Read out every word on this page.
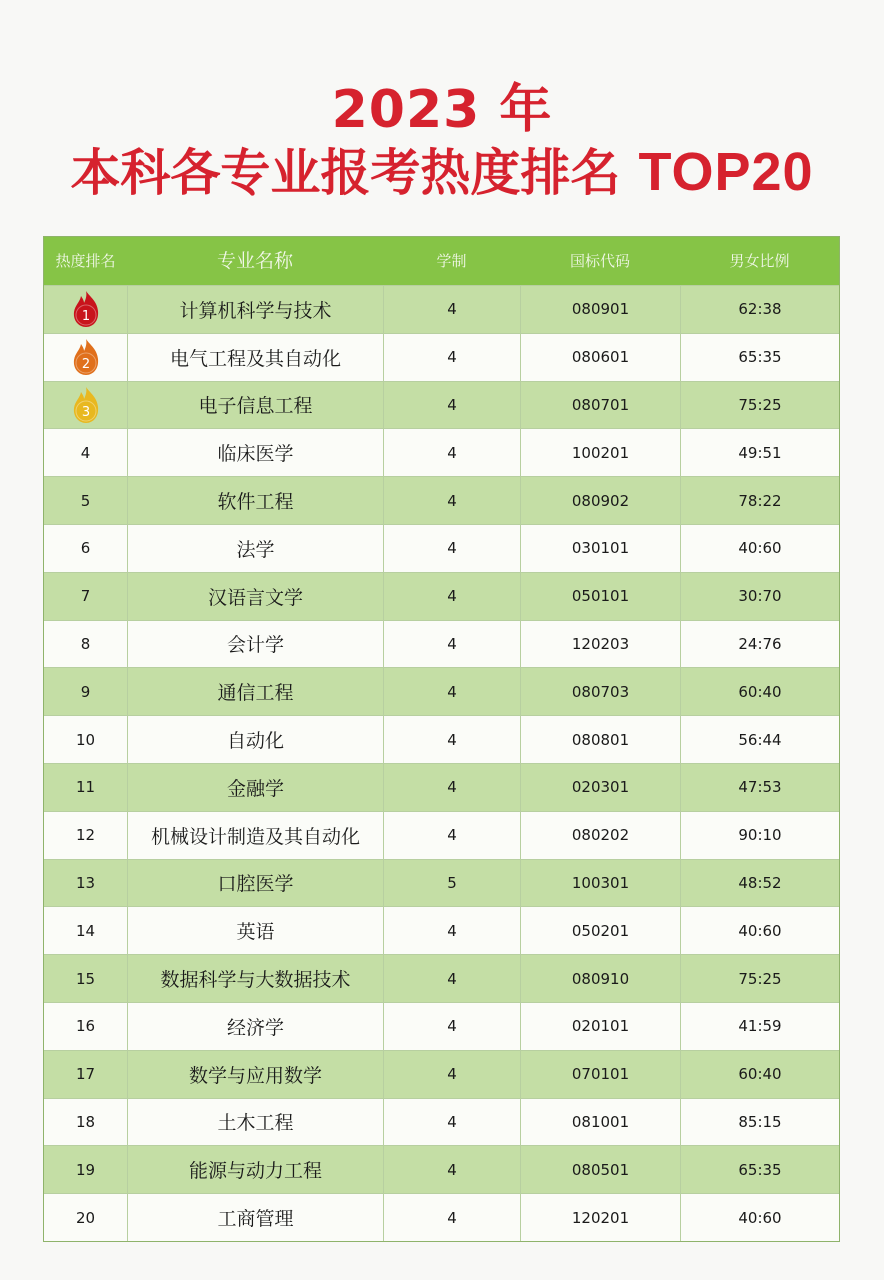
2023 年
本科各专业报考热度排名 TOP20
热度排名	专业名称	学制	国标代码	男女比例
1	计算机科学与技术	4	080901	62:38
2	电气工程及其自动化	4	080601	65:35
3	电子信息工程	4	080701	75:25
4	临床医学	4	100201	49:51
5	软件工程	4	080902	78:22
6	法学	4	030101	40:60
7	汉语言文学	4	050101	30:70
8	会计学	4	120203	24:76
9	通信工程	4	080703	60:40
10	自动化	4	080801	56:44
11	金融学	4	020301	47:53
12	机械设计制造及其自动化	4	080202	90:10
13	口腔医学	5	100301	48:52
14	英语	4	050201	40:60
15	数据科学与大数据技术	4	080910	75:25
16	经济学	4	020101	41:59
17	数学与应用数学	4	070101	60:40
18	土木工程	4	081001	85:15
19	能源与动力工程	4	080501	65:35
20	工商管理	4	120201	40:60
